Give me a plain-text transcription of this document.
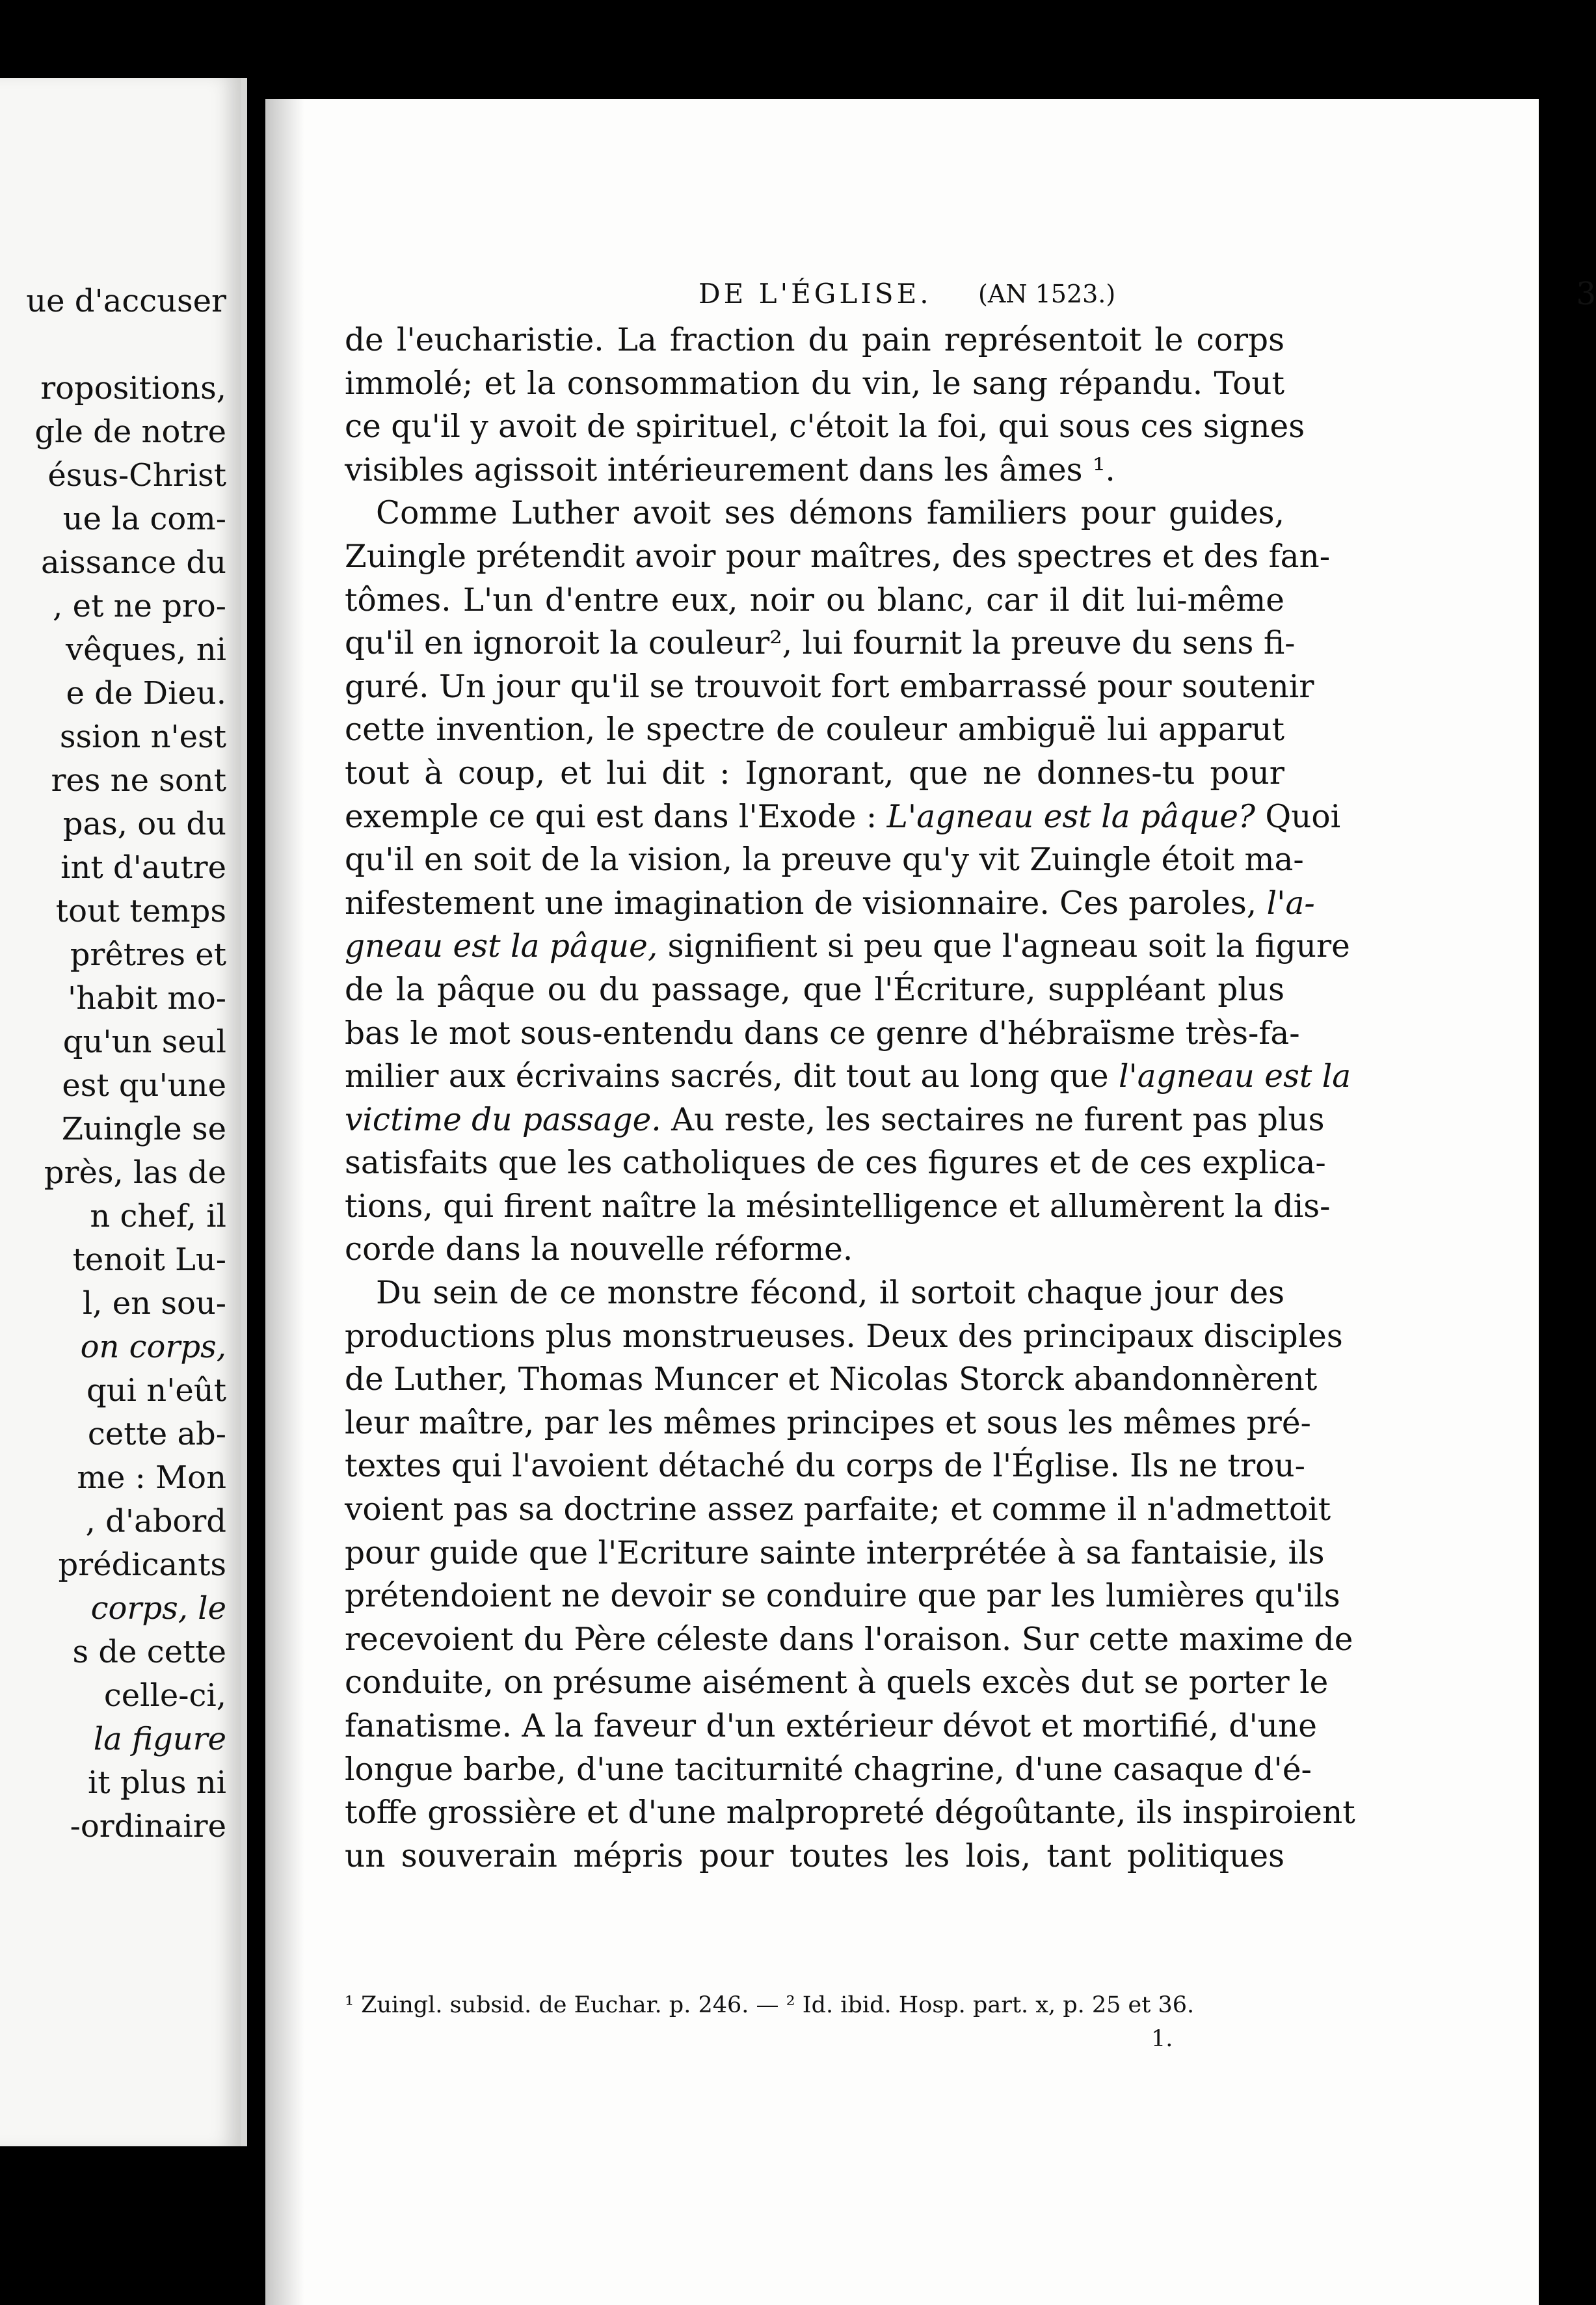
ue d'accuser
ropositions,
gle de notre
ésus-Christ
ue la com-
aissance du
, et ne pro-
vêques, ni
e de Dieu.
ssion n'est
res ne sont
pas, ou du
int d'autre
tout temps
prêtres et
'habit mo-
qu'un seul
est qu'une
Zuingle se
près, las de
n chef, il
tenoit Lu-
l, en sou-
on corps,
qui n'eût
cette ab-
me : Mon
, d'abord
prédicants
corps, le
s de cette
celle-ci,
la figure
it plus ni
-ordinaire
DE L'ÉGLISE. (AN 1523.)	3
de l'eucharistie. La fraction du pain représentoit le corps
immolé; et la consommation du vin, le sang répandu. Tout
ce qu'il y avoit de spirituel, c'étoit la foi, qui sous ces signes
visibles agissoit intérieurement dans les âmes ¹.
Comme Luther avoit ses démons familiers pour guides,
Zuingle prétendit avoir pour maîtres, des spectres et des fan-
tômes. L'un d'entre eux, noir ou blanc, car il dit lui-même
qu'il en ignoroit la couleur², lui fournit la preuve du sens fi-
guré. Un jour qu'il se trouvoit fort embarrassé pour soutenir
cette invention, le spectre de couleur ambiguë lui apparut
tout à coup, et lui dit : Ignorant, que ne donnes-tu pour
exemple ce qui est dans l'Exode : L'agneau est la pâque? Quoi
qu'il en soit de la vision, la preuve qu'y vit Zuingle étoit ma-
nifestement une imagination de visionnaire. Ces paroles, l'a-
gneau est la pâque, signifient si peu que l'agneau soit la figure
de la pâque ou du passage, que l'Écriture, suppléant plus
bas le mot sous-entendu dans ce genre d'hébraïsme très-fa-
milier aux écrivains sacrés, dit tout au long que l'agneau est la
victime du passage. Au reste, les sectaires ne furent pas plus
satisfaits que les catholiques de ces figures et de ces explica-
tions, qui firent naître la mésintelligence et allumèrent la dis-
corde dans la nouvelle réforme.
Du sein de ce monstre fécond, il sortoit chaque jour des
productions plus monstrueuses. Deux des principaux disciples
de Luther, Thomas Muncer et Nicolas Storck abandonnèrent
leur maître, par les mêmes principes et sous les mêmes pré-
textes qui l'avoient détaché du corps de l'Église. Ils ne trou-
voient pas sa doctrine assez parfaite; et comme il n'admettoit
pour guide que l'Ecriture sainte interprétée à sa fantaisie, ils
prétendoient ne devoir se conduire que par les lumières qu'ils
recevoient du Père céleste dans l'oraison. Sur cette maxime de
conduite, on présume aisément à quels excès dut se porter le
fanatisme. A la faveur d'un extérieur dévot et mortifié, d'une
longue barbe, d'une taciturnité chagrine, d'une casaque d'é-
toffe grossière et d'une malpropreté dégoûtante, ils inspiroient
un souverain mépris pour toutes les lois, tant politiques
¹ Zuingl. subsid. de Euchar. p. 246. — ² Id. ibid. Hosp. part. x, p. 25 et 36.
1.
